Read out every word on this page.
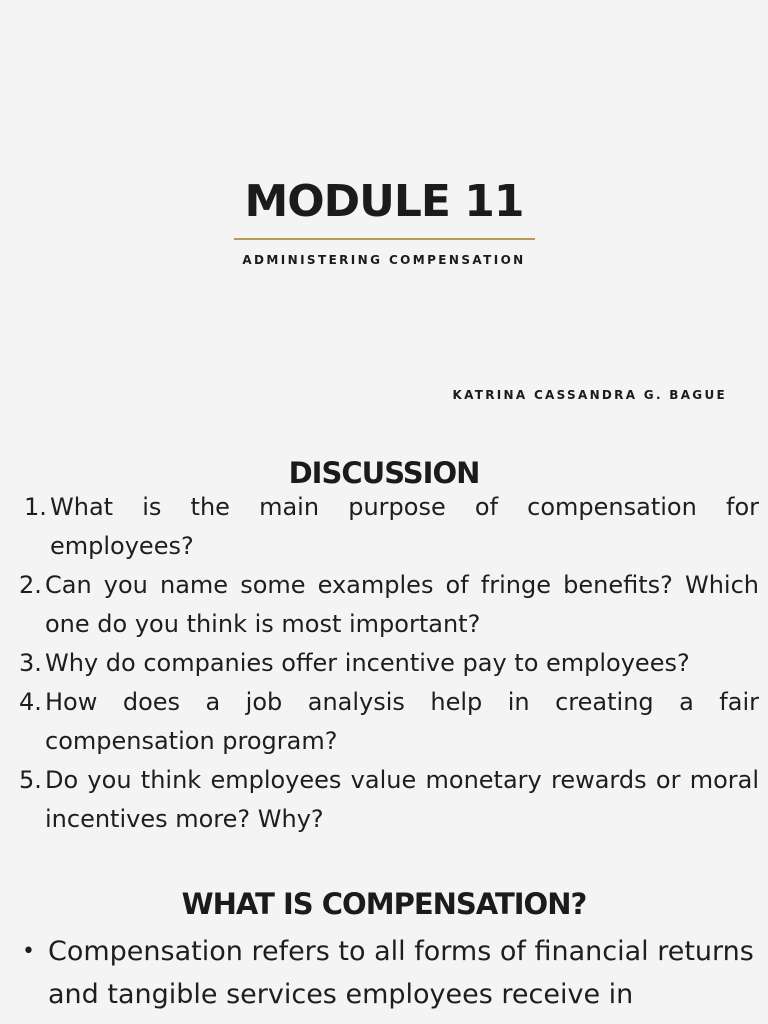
MODULE 11
ADMINISTERING COMPENSATION
KATRINA CASSANDRA G. BAGUE
DISCUSSION
1. What is the main purpose of compensation for employees?
2. Can you name some examples of fringe benefits? Which one do you think is most important?
3. Why do companies offer incentive pay to employees?
4. How does a job analysis help in creating a fair compensation program?
5. Do you think employees value monetary rewards or moral incentives more? Why?
WHAT IS COMPENSATION?
• Compensation refers to all forms of financial returns and tangible services employees receive in
